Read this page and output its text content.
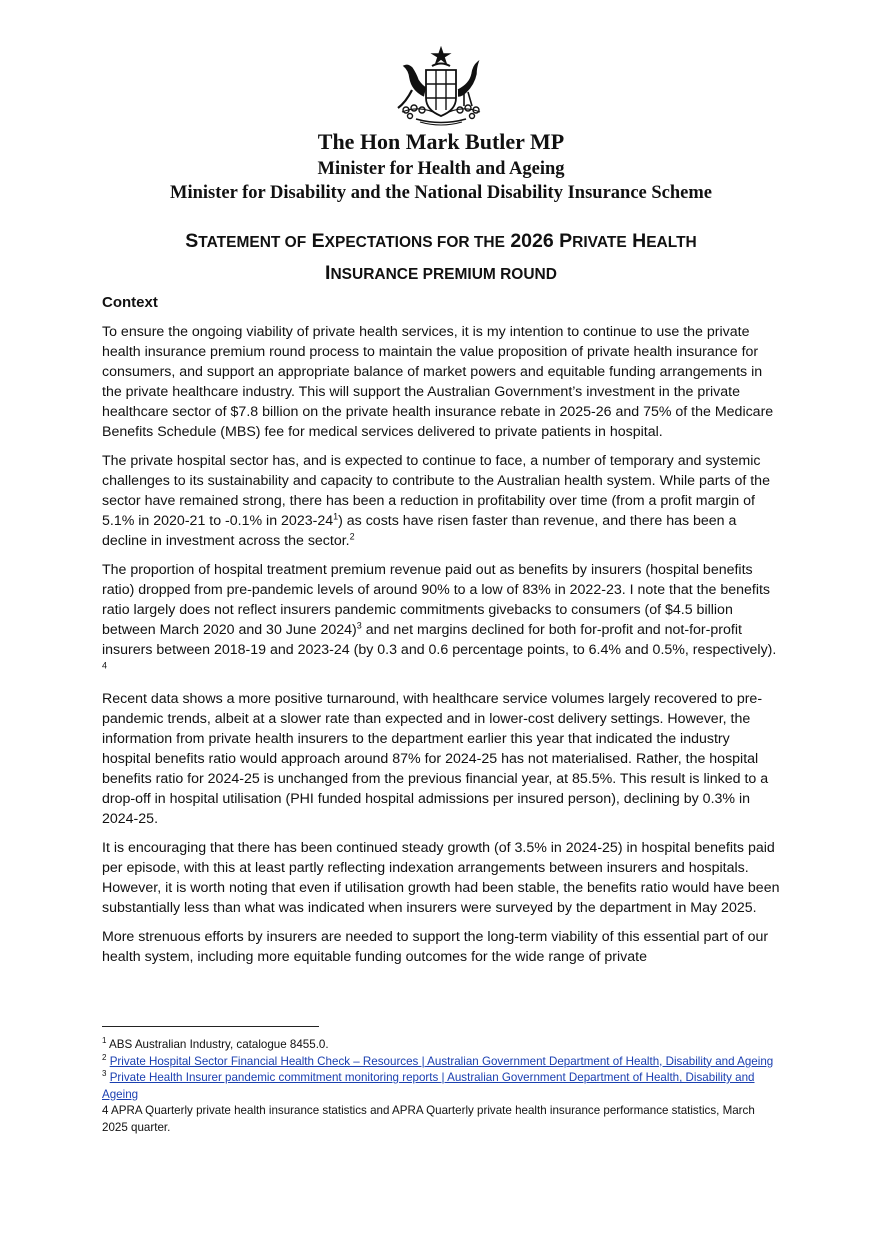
The Hon Mark Butler MP
Minister for Health and Ageing
Minister for Disability and the National Disability Insurance Scheme
STATEMENT OF EXPECTATIONS FOR THE 2026 PRIVATE HEALTH
INSURANCE PREMIUM ROUND
Context

To ensure the ongoing viability of private health services, it is my intention to continue to use the private health insurance premium round process to maintain the value proposition of private health insurance for consumers, and support an appropriate balance of market powers and equitable funding arrangements in the private healthcare industry. This will support the Australian Government’s investment in the private healthcare sector of $7.8 billion on the private health insurance rebate in 2025-26 and 75% of the Medicare Benefits Schedule (MBS) fee for medical services delivered to private patients in hospital.

The private hospital sector has, and is expected to continue to face, a number of temporary and systemic challenges to its sustainability and capacity to contribute to the Australian health system. While parts of the sector have remained strong, there has been a reduction in profitability over time (from a profit margin of 5.1% in 2020-21 to -0.1% in $2023-24^1$) as costs have risen faster than revenue, and there has been a decline in investment across the sector.$^2$

The proportion of hospital treatment premium revenue paid out as benefits by insurers (hospital benefits ratio) dropped from pre-pandemic levels of around 90% to a low of 83% in 2022-23. I note that the benefits ratio largely does not reflect insurers pandemic commitments givebacks to consumers (of $4.5 billion between March 2020 and 30 June 2024)$^3$ and net margins declined for both for-profit and not-for-profit insurers between 2018-19 and 2023-24 (by 0.3 and 0.6 percentage points, to 6.4% and 0.5%, respectively). $^4$

Recent data shows a more positive turnaround, with healthcare service volumes largely recovered to pre-pandemic trends, albeit at a slower rate than expected and in lower-cost delivery settings. However, the information from private health insurers to the department earlier this year that indicated the industry hospital benefits ratio would approach around 87% for 2024-25 has not materialised. Rather, the hospital benefits ratio for 2024-25 is unchanged from the previous financial year, at 85.5%. This result is linked to a drop-off in hospital utilisation (PHI funded hospital admissions per insured person), declining by 0.3% in 2024-25.

It is encouraging that there has been continued steady growth (of 3.5% in 2024-25) in hospital benefits paid per episode, with this at least partly reflecting indexation arrangements between insurers and hospitals. However, it is worth noting that even if utilisation growth had been stable, the benefits ratio would have been substantially less than what was indicated when insurers were surveyed by the department in May 2025.

More strenuous efforts by insurers are needed to support the long-term viability of this essential part of our health system, including more equitable funding outcomes for the wide range of private

$^1$ ABS Australian Industry, catalogue 8455.0.

$^2$ Private Hospital Sector Financial Health Check – Resources | Australian Government Department of Health, Disability and Ageing

$^3$ Private Health Insurer pandemic commitment monitoring reports | Australian Government Department of Health, Disability and Ageing

4 APRA Quarterly private health insurance statistics and APRA Quarterly private health insurance performance statistics, March 2025 quarter.
